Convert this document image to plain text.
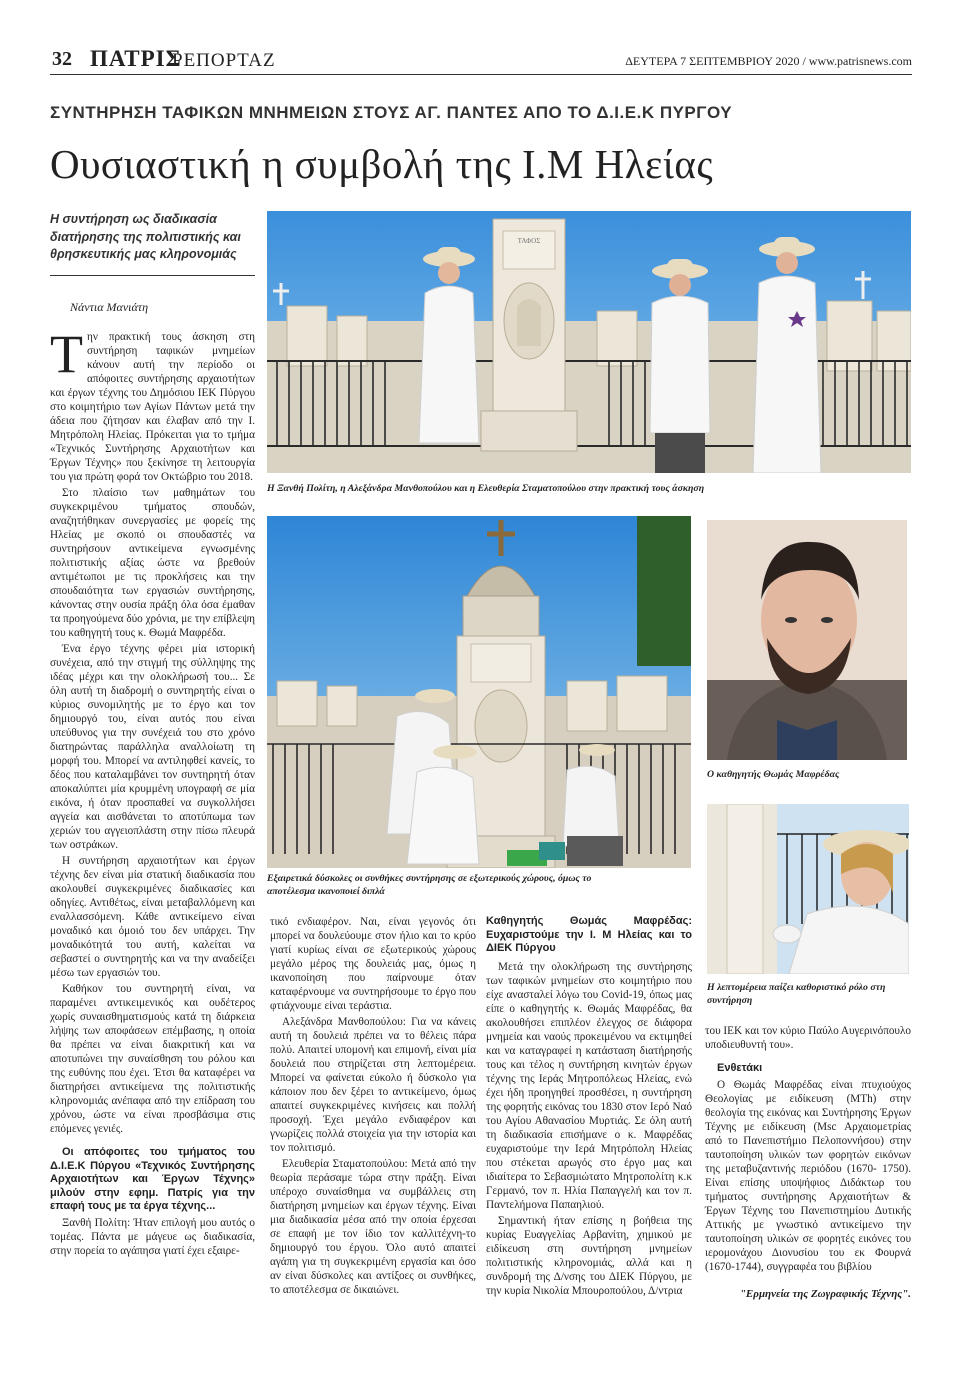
32 ΠΑΤΡΙΣ
ΡΕΠΟΡΤΑΖ	ΔΕΥΤΕΡΑ 7 ΣΕΠΤΕΜΒΡΙΟΥ 2020 / www.patrisnews.com
ΣΥΝΤΗΡΗΣΗ ΤΑΦΙΚΩΝ ΜΝΗΜΕΙΩΝ ΣΤΟΥΣ ΑΓ. ΠΑΝΤΕΣ ΑΠΟ ΤΟ Δ.Ι.Ε.Κ ΠΥΡΓΟΥ
Ουσιαστική η συμβολή της Ι.Μ Ηλείας
Η συντήρηση ως διαδικασία διατήρησης της πολιτιστικής και θρησκευτικής μας κληρονομιάς
Νάντια Μανιάτη

Την πρακτική τους άσκηση στη συντήρηση ταφικών μνημείων κάνουν αυτή την περίοδο οι απόφοιτες συντήρησης αρχαιοτήτων και έργων τέχνης του Δημόσιου ΙΕΚ Πύργου στο κοιμητήριο των Αγίων Πάντων μετά την άδεια που ζήτησαν και έλαβαν από την Ι. Μητρόπολη Ηλείας. Πρόκειται για το τμήμα «Τεχνικός Συντήρησης Αρχαιοτήτων και Έργων Τέχνης» που ξεκίνησε τη λειτουργία του για πρώτη φορά τον Οκτώβριο του 2018.

Στο πλαίσιο των μαθημάτων του συγκεκριμένου τμήματος σπουδών, αναζητήθηκαν συνεργασίες με φορείς της Ηλείας με σκοπό οι σπουδαστές να συντηρήσουν αντικείμενα εγνωσμένης πολιτιστικής αξίας ώστε να βρεθούν αντιμέτωποι με τις προκλήσεις και την σπουδαιότητα των εργασιών συντήρησης, κάνοντας στην ουσία πράξη όλα όσα έμαθαν τα προηγούμενα δύο χρόνια, με την επίβλεψη του καθηγητή τους κ. Θωμά Μαφρέδα.

Ένα έργο τέχνης φέρει μία ιστορική συνέχεια, από την στιγμή της σύλληψης της ιδέας μέχρι και την ολοκλήρωσή του... Σε όλη αυτή τη διαδρομή ο συντηρητής είναι ο κύριος συνομιλητής με το έργο και τον δημιουργό του, είναι αυτός που είναι υπεύθυνος για την συνέχειά του στο χρόνο διατηρώντας παράλληλα αναλλοίωτη τη μορφή του. Μπορεί να αντιληφθεί κανείς, το δέος που καταλαμβάνει τον συντηρητή όταν αποκαλύπτει μία κρυμμένη υπογραφή σε μία εικόνα, ή όταν προσπαθεί να συγκολλήσει αγγεία και αισθάνεται το αποτύπωμα των χεριών του αγγειοπλάστη στην πίσω πλευρά των οστράκων.

Η συντήρηση αρχαιοτήτων και έργων τέχνης δεν είναι μία στατική διαδικασία που ακολουθεί συγκεκριμένες διαδικασίες και οδηγίες. Αντιθέτως, είναι μεταβαλλόμενη και εναλλασσόμενη. Κάθε αντικείμενο είναι μοναδικό και όμοιό του δεν υπάρχει. Την μοναδικότητά του αυτή, καλείται να σεβαστεί ο συντηρητής και να την αναδείξει μέσω των εργασιών του.

Καθήκον του συντηρητή είναι, να παραμένει αντικειμενικός και ουδέτερος χωρίς συναισθηματισμούς κατά τη διάρκεια λήψης των αποφάσεων επέμβασης, η οποία θα πρέπει να είναι διακριτική και να αποτυπώνει την συναίσθηση του ρόλου και της ευθύνης που έχει. Έτσι θα καταφέρει να διατηρήσει αντικείμενα της πολιτιστικής κληρονομιάς ανέπαφα από την επίδραση του χρόνου, ώστε να είναι προσβάσιμα στις επόμενες γενιές.

Οι απόφοιτες του τμήματος του Δ.Ι.Ε.Κ Πύργου «Τεχνικός Συντήρησης Αρχαιοτήτων και Έργων Τέχνης» μιλούν στην εφημ. Πατρίς για την επαφή τους με τα έργα τέχνης...

Ξανθή Πολίτη: Ήταν επιλογή μου αυτός ο τομέας. Πάντα με μάγευε ως διαδικασία, στην πορεία το αγάπησα γιατί έχει εξαιρε-

ΤΑΦΟΣ
Η Ξανθή Πολίτη, η Αλεξάνδρα Μανθοπούλου και η Ελευθερία Σταματοπούλου στην πρακτική τους άσκηση
Εξαιρετικά δύσκολες οι συνθήκες συντήρησης σε εξωτερικούς χώρους, όμως το αποτέλεσμα ικανοποιεί διπλά
Ο καθηγητής Θωμάς Μαφρέδας
Η λεπτομέρεια παίζει καθοριστικό ρόλο στη συντήρηση

τικό ενδιαφέρον. Ναι, είναι γεγονός ότι μπορεί να δουλεύουμε στον ήλιο και το κρύο γιατί κυρίως είναι σε εξωτερικούς χώρους μεγάλο μέρος της δουλειάς μας, όμως η ικανοποίηση που παίρνουμε όταν καταφέρνουμε να συντηρήσουμε το έργο που φτιάχνουμε είναι τεράστια.

Αλεξάνδρα Μανθοπούλου: Για να κάνεις αυτή τη δουλειά πρέπει να το θέλεις πάρα πολύ. Απαιτεί υπομονή και επιμονή, είναι μία δουλειά που στηρίζεται στη λεπτομέρεια. Μπορεί να φαίνεται εύκολο ή δύσκολο για κάποιον που δεν ξέρει το αντικείμενο, όμως απαιτεί συγκεκριμένες κινήσεις και πολλή προσοχή. Έχει μεγάλο ενδιαφέρον και γνωρίζεις πολλά στοιχεία για την ιστορία και τον πολιτισμό.

Ελευθερία Σταματοπούλου: Μετά από την θεωρία περάσαμε τώρα στην πράξη. Είναι υπέροχο συναίσθημα να συμβάλλεις στη διατήρηση μνημείων και έργων τέχνης. Είναι μια διαδικασία μέσα από την οποία έρχεσαι σε επαφή με τον ίδιο τον καλλιτέχνη-το δημιουργό του έργου. Όλο αυτό απαιτεί αγάπη για τη συγκεκριμένη εργασία και όσο αν είναι δύσκολες και αντίξοες οι συνθήκες, το αποτέλεσμα σε δικαιώνει.

Καθηγητής Θωμάς Μαφρέδας: Ευχαριστούμε την Ι. Μ Ηλείας και το ΔΙΕΚ Πύργου

Μετά την ολοκλήρωση της συντήρησης των ταφικών μνημείων στο κοιμητήριο που είχε ανασταλεί λόγω του Covid-19, όπως μας είπε ο καθηγητής κ. Θωμάς Μαφρέδας, θα ακολουθήσει επιπλέον έλεγχος σε διάφορα μνημεία και ναούς προκειμένου να εκτιμηθεί και να καταγραφεί η κατάσταση διατήρησής τους και τέλος η συντήρηση κινητών έργων τέχνης της Ιεράς Μητροπόλεως Ηλείας, ενώ έχει ήδη προηγηθεί προσθέσει, η συντήρηση της φορητής εικόνας του 1830 στον Ιερό Ναό του Αγίου Αθανασίου Μυρτιάς. Σε όλη αυτή τη διαδικασία επισήμανε ο κ. Μαφρέδας ευχαριστούμε την Ιερά Μητρόπολη Ηλείας που στέκεται αρωγός στο έργο μας και ιδιαίτερα το Σεβασμιώτατο Μητροπολίτη κ.κ Γερμανό, τον π. Ηλία Παπαγγελή και τον π. Παντελήμονα Παπαηλιού.

Σημαντική ήταν επίσης η βοήθεια της κυρίας Ευαγγελίας Αρβανίτη, χημικού με ειδίκευση στη συντήρηση μνημείων πολιτιστικής κληρονομιάς, αλλά και η συνδρομή της Δ/νσης του ΔΙΕΚ Πύργου, με την κυρία Νικολία Μπουρoπούλου, Δ/ντρια

του ΙΕΚ και τον κύριο Παύλο Αυγερινόπουλο υποδιευθυντή του».

Ενθετάκι

Ο Θωμάς Μαφρέδας είναι πτυχιούχος Θεολογίας με ειδίκευση (MTh) στην θεολογία της εικόνας και Συντήρησης Έργων Τέχνης με ειδίκευση (Msc Αρχαιομετρίας από το Πανεπιστήμιο Πελοποννήσου) στην ταυτοποίηση υλικών των φορητών εικόνων της μεταβυζαντινής περιόδου (1670- 1750). Είναι επίσης υποψήφιος Διδάκτωρ του τμήματος συντήρησης Αρχαιοτήτων & Έργων Τέχνης του Πανεπιστημίου Δυτικής Αττικής με γνωστικό αντικείμενο την ταυτοποίηση υλικών σε φορητές εικόνες του ιερομονάχου Διονυσίου του εκ Φουρνά (1670-1744), συγγραφέα του βιβλίου

"Ερμηνεία της Ζωγραφικής Τέχνης".
